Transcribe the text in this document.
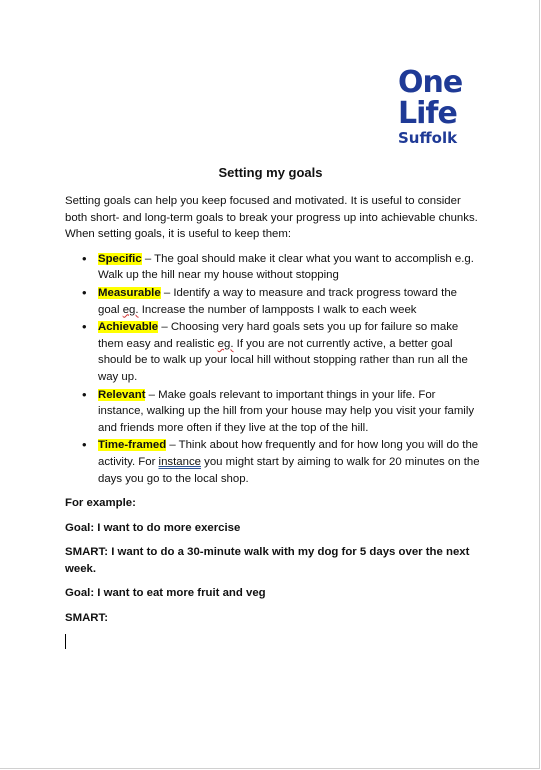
One
Life
Suffolk
Setting my goals

Setting goals can help you keep focused and motivated. It is useful to consider both short- and long-term goals to break your progress up into achievable chunks. When setting goals, it is useful to keep them:

• Specific – The goal should make it clear what you want to accomplish e.g. Walk up the hill near my house without stopping
• Measurable – Identify a way to measure and track progress toward the goal eg. Increase the number of lampposts I walk to each week
• Achievable – Choosing very hard goals sets you up for failure so make them easy and realistic eg. If you are not currently active, a better goal should be to walk up your local hill without stopping rather than run all the way up.
• Relevant – Make goals relevant to important things in your life. For instance, walking up the hill from your house may help you visit your family and friends more often if they live at the top of the hill.
• Time-framed – Think about how frequently and for how long you will do the activity. For instance you might start by aiming to walk for 20 minutes on the days you go to the local shop.

For example:

Goal: I want to do more exercise

SMART: I want to do a 30-minute walk with my dog for 5 days over the next week.

Goal: I want to eat more fruit and veg

SMART:
